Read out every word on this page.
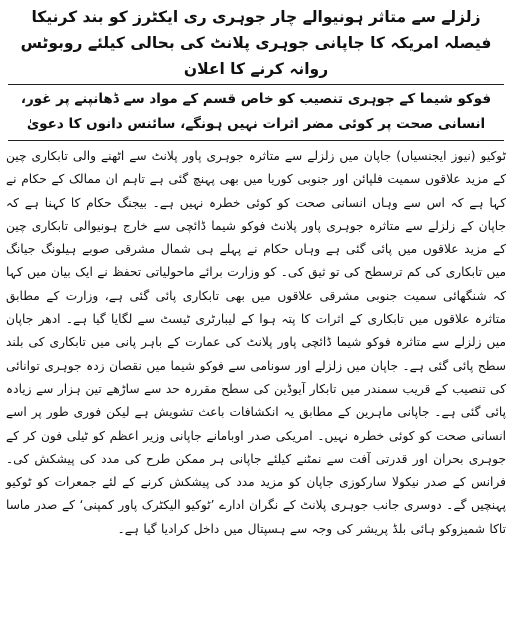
زلزلے سے متاثر ہونیوالے چار جوہری ری ایکٹرز کو بند کرنیکا فیصلہ امریکہ کا جاپانی جوہری پلانٹ کی بحالی کیلئے روبوٹس روانہ کرنے کا اعلان
فوکو شیما کے جوہری تنصیب کو خاص قسم کے مواد سے ڈھانپنے پر غور، انسانی صحت پر کوئی مضر اثرات نہیں ہونگے، سائنس دانوں کا دعویٰ

ٹوکیو (نیوز ایجنسیاں) جاپان میں زلزلے سے متاثرہ جوہری پاور پلانٹ سے اٹھنے والی تابکاری چین کے مزید علاقوں سمیت فلپائن اور جنوبی کوریا میں بھی پہنچ گئی ہے تاہم ان ممالک کے حکام نے کہا ہے کہ اس سے وہاں انسانی صحت کو کوئی خطرہ نہیں ہے۔ بیجنگ حکام کا کہنا ہے کہ جاپان کے زلزلے سے متاثرہ جوہری پاور پلانٹ فوکو شیما ڈائچی سے خارج ہونیوالی تابکاری چین کے مزید علاقوں میں پائی گئی ہے وہاں حکام نے پہلے ہی شمال مشرقی صوبے ہیلونگ جیانگ میں تابکاری کی کم ترسطح کی تو ثیق کی۔ کو وزارت برائے ماحولیاتی تحفظ نے ایک بیان میں کہا کہ شنگھائی سمیت جنوبی مشرقی علاقوں میں بھی تابکاری پائی گئی ہے، وزارت کے مطابق متاثرہ علاقوں میں تابکاری کے اثرات کا پتہ ہوا کے لیبارٹری ٹیسٹ سے لگایا گیا ہے۔ ادھر جاپان میں زلزلے سے متاثرہ فوکو شیما ڈائچی پاور پلانٹ کی عمارت کے باہر پانی میں تابکاری کی بلند سطح پائی گئی ہے۔ جاپان میں زلزلے اور سونامی سے فوکو شیما میں نقصان زدہ جوہری توانائی کی تنصیب کے قریب سمندر میں تابکار آیوڈین کی سطح مقررہ حد سے ساڑھے تین ہزار سے زیادہ پائی گئی ہے۔ جاپانی ماہرین کے مطابق یہ انکشافات باعث تشویش ہے لیکن فوری طور پر اسے انسانی صحت کو کوئی خطرہ نہیں۔ امریکی صدر اوبامانے جاپانی وزیر اعظم کو ٹیلی فون کر کے جوہری بحران اور قدرتی آفت سے نمٹنے کیلئے جاپانی ہر ممکن طرح کی مدد کی پیشکش کی۔ فرانس کے صدر نیکولا سارکوزی جاپان کو مزید مدد کی پیشکش کرنے کے لئے جمعرات کو ٹوکیو پہنچیں گے۔ دوسری جانب جوہری پلانٹ کے نگران ادارے ’ٹوکیو الیکٹرک پاور کمپنی‘ کے صدر ماسا تاکا شمیزوکو ہائی بلڈ پریشر کی وجہ سے ہسپتال میں داخل کرادیا گیا ہے۔
